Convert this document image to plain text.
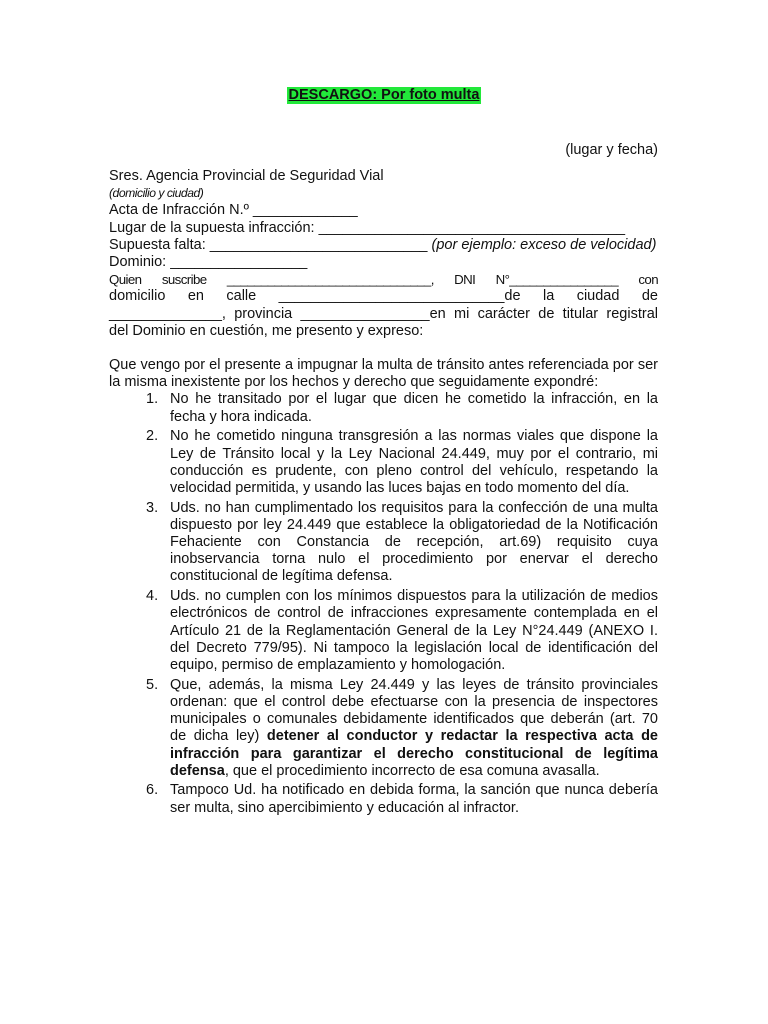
DESCARGO: Por foto multa
(lugar y fecha)
Sres. Agencia Provincial de Seguridad Vial
(domicilio y ciudad)
Acta de Infracción N.º _____________
Lugar de la supuesta infracción: ______________________________________
Supuesta falta: ___________________________ (por ejemplo: exceso de velocidad)
Dominio: _________________
Quien suscribe ______________________________, DNI N°________________ con
domicilio en calle ____________________________de la ciudad de
______________, provincia ________________en mi carácter de titular registral
del Dominio en cuestión, me presento y expreso:
Que vengo por el presente a impugnar la multa de tránsito antes referenciada por ser la misma inexistente por los hechos y derecho que seguidamente expondré:
1. No he transitado por el lugar que dicen he cometido la infracción, en la fecha y hora indicada.
2. No he cometido ninguna transgresión a las normas viales que dispone la Ley de Tránsito local y la Ley Nacional 24.449, muy por el contrario, mi conducción es prudente, con pleno control del vehículo, respetando la velocidad permitida, y usando las luces bajas en todo momento del día.
3. Uds. no han cumplimentado los requisitos para la confección de una multa dispuesto por ley 24.449 que establece la obligatoriedad de la Notificación Fehaciente con Constancia de recepción, art.69) requisito cuya inobservancia torna nulo el procedimiento por enervar el derecho constitucional de legítima defensa.
4. Uds. no cumplen con los mínimos dispuestos para la utilización de medios electrónicos de control de infracciones expresamente contemplada en el Artículo 21 de la Reglamentación General de la Ley N°24.449 (ANEXO I. del Decreto 779/95). Ni tampoco la legislación local de identificación del equipo, permiso de emplazamiento y homologación.
5. Que, además, la misma Ley 24.449 y las leyes de tránsito provinciales ordenan: que el control debe efectuarse con la presencia de inspectores municipales o comunales debidamente identificados que deberán (art. 70 de dicha ley) detener al conductor y redactar la respectiva acta de infracción para garantizar el derecho constitucional de legítima defensa, que el procedimiento incorrecto de esa comuna avasalla.
6. Tampoco Ud. ha notificado en debida forma, la sanción que nunca debería ser multa, sino apercibimiento y educación al infractor.
